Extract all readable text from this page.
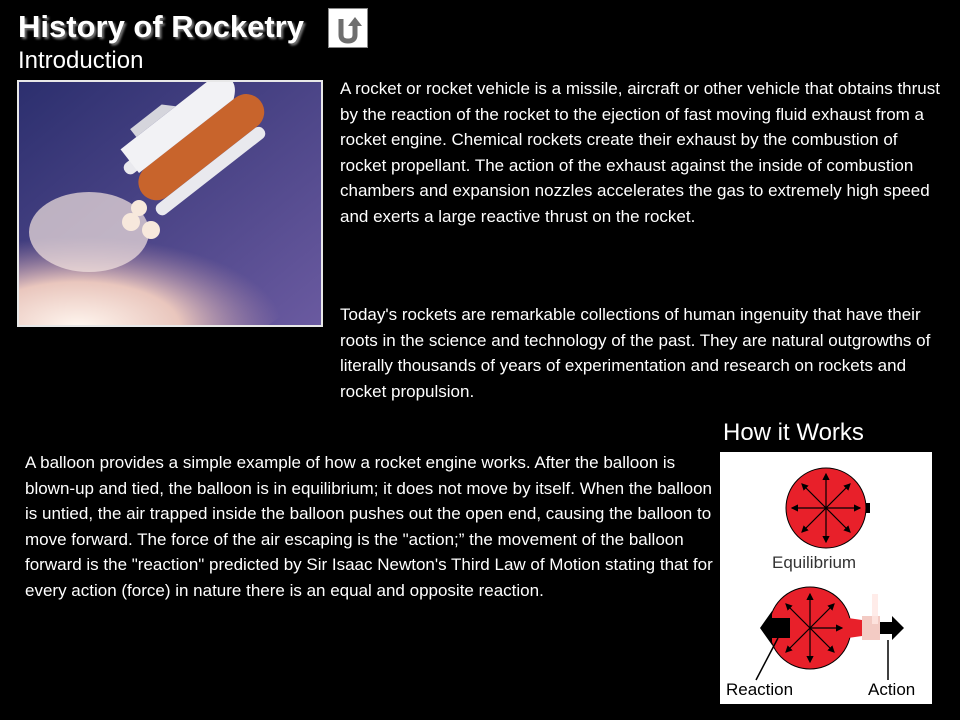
History of Rocketry
Introduction

A rocket or rocket vehicle is a missile, aircraft or other vehicle that obtains thrust by the reaction of the rocket to the ejection of fast moving fluid exhaust from a rocket engine. Chemical rockets create their exhaust by the combustion of rocket propellant. The action of the exhaust against the inside of combustion chambers and expansion nozzles accelerates the gas to extremely high speed and exerts a large reactive thrust on the rocket.

Today's rockets are remarkable collections of human ingenuity that have their roots in the science and technology of the past. They are natural outgrowths of literally thousands of years of experimentation and research on rockets and rocket propulsion.

How it Works

A balloon provides a simple example of how a rocket engine works. After the balloon is blown-up and tied, the balloon is in equilibrium; it does not move by itself. When the balloon is untied, the air trapped inside the balloon pushes out the open end, causing the balloon to move forward. The force of the air escaping is the "action;” the movement of the balloon forward is the "reaction" predicted by Sir Isaac Newton's Third Law of Motion stating that for every action (force) in nature there is an equal and opposite reaction.

Equilibrium
Reaction	Action
